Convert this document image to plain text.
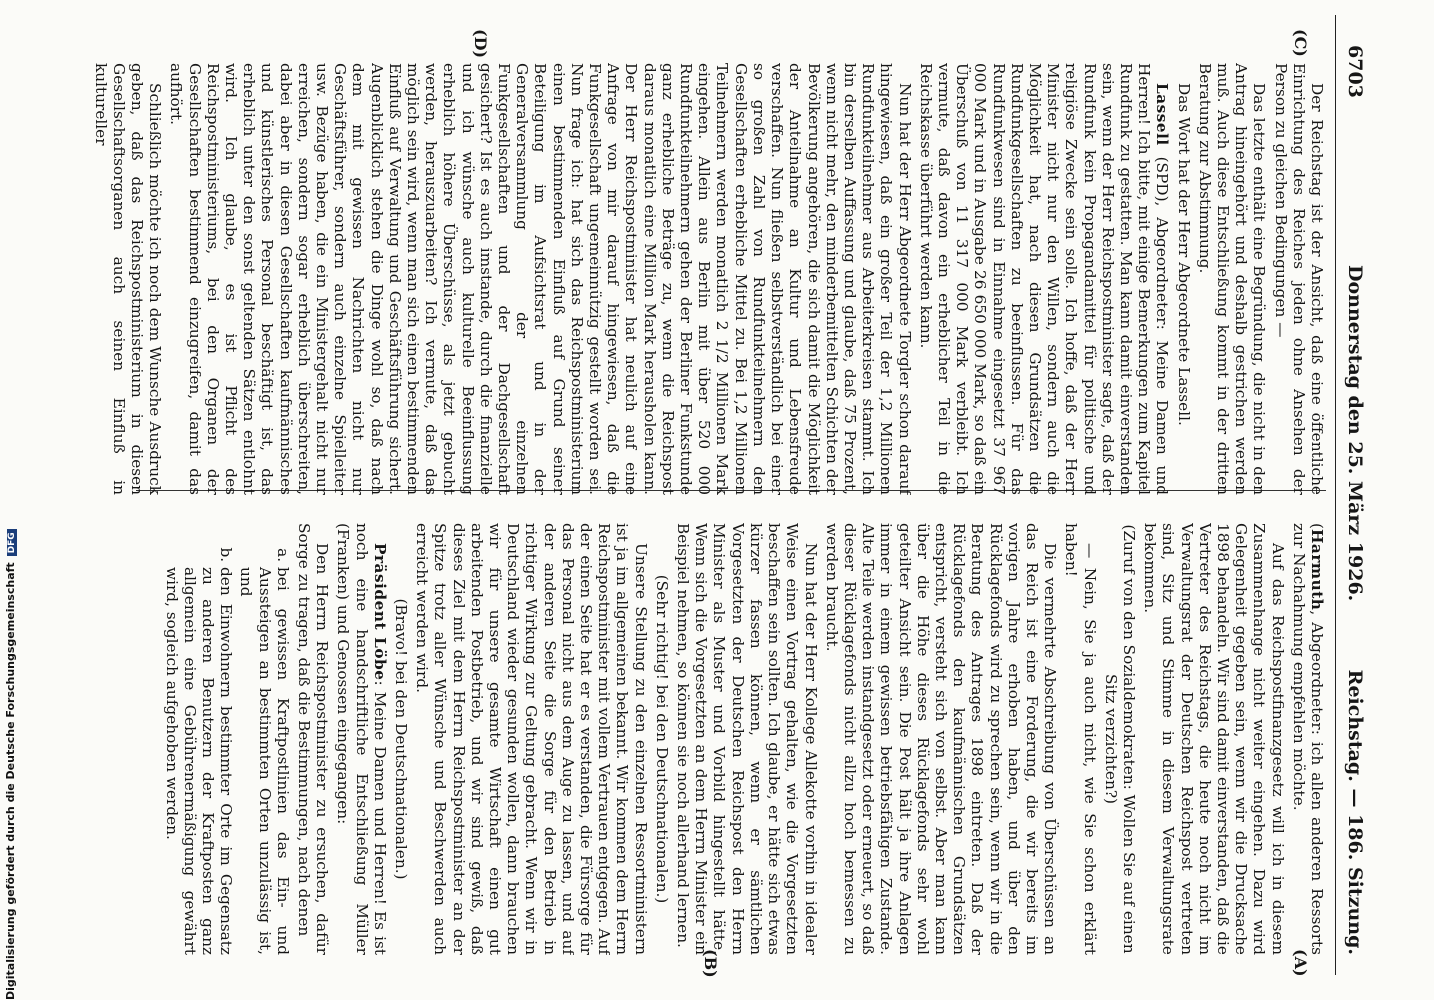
6703
Donnerstag den 25. März 1926.
Reichstag. — 186. Sitzung.
(C)
(D)
(A)
(B)

Der Reichstag ist der Ansicht, daß eine öffentliche Einrichtung des Reiches jeden ohne Ansehen der Person zu gleichen Bedingungen —

Das letzte enthält eine Begründung, die nicht in den Antrag hineingehört und deshalb gestrichen werden muß. Auch diese Entschließung kommt in der dritten Beratung zur Abstimmung.

Das Wort hat der Herr Abgeordnete Lassell.

Lassell (SPD), Abgeordneter: Meine Damen und Herren! Ich bitte, mit einige Bemerkungen zum Kapitel Rundfunk zu gestatten. Man kann damit einverstanden sein, wenn der Herr Reichspostminister sagte, daß der Rundfunk kein Propagandamittel für politische und religiöse Zwecke sein solle. Ich hoffe, daß der Herr Minister nicht nur den Willen, sondern auch die Möglichkeit hat, nach diesen Grundsätzen die Rundfunkgesellschaften zu beeinflussen. Für das Rundfunkwesen sind in Einnahme eingesetzt 37 967 000 Mark und in Ausgabe 26 650 000 Mark, so daß ein Überschuß von 11 317 000 Mark verbleibt. Ich vermute, daß davon ein erheblicher Teil in die Reichskasse überführt werden kann.

Nun hat der Herr Abgeordnete Torgler schon darauf hingewiesen, daß ein großer Teil der 1,2 Millionen Rundfunkteilnehmer aus Arbeiterkreisen stammt. Ich bin derselben Auffassung und glaube, daß 75 Prozent, wenn nicht mehr, den minderbemittelten Schichten der Bevölkerung angehören, die sich damit die Möglichkeit der Anteilnahme an Kultur und Lebensfreude verschaffen. Nun fließen selbstverständlich bei einer so großen Zahl von Rundfunkteilnehmern den Gesellschaften erhebliche Mittel zu. Bei 1,2 Millionen Teilnehmern werden monatlich 2 1/2 Millionen Mark eingehen. Allein aus Berlin mit über 520 000 Rundfunkteilnehmern gehen der Berliner Funkstunde ganz erhebliche Beträge zu, wenn die Reichspost daraus monatlich eine Million Mark herausholen kann. Der Herr Reichspostminister hat neulich auf eine Anfrage von mir darauf hingewiesen, daß die Funkgesellschaft ungemeinnützig gestellt worden sei. Nun frage ich: hat sich das Reichspostministerium einen bestimmenden Einfluß auf Grund seiner Beteiligung im Aufsichtsrat und in der Generalversammlung der einzelnen Funkgesellschaften und der Dachgesellschaft gesichert? Ist es auch imstande, durch die finanzielle und ich wünsche auch kulturelle Beeinflussung erheblich höhere Überschüsse, als jetzt gebucht werden, herauszuarbeiten? Ich vermute, daß das möglich sein wird, wenn man sich einen bestimmenden Einfluß auf Verwaltung und Geschäftsführung sichert. Augenblicklich stehen die Dinge wohl so, daß nach dem mit gewissen Nachrichten nicht nur Geschäftsführer, sondern auch einzelne Spielleiter usw. Bezüge haben, die ein Ministergehalt nicht nur erreichen, sondern sogar erheblich überschreiten, dabei aber in diesen Gesellschaften kaufmännisches und künstlerisches Personal beschäftigt ist, das erheblich unter den sonst geltenden Sätzen entlohnt wird. Ich glaube, es ist Pflicht des Reichspostministeriums, bei den Organen der Gesellschaften bestimmend einzugreifen, damit das aufhört.

Schließlich möchte ich noch dem Wunsche Ausdruck geben, daß das Reichspostministerium in diesen Gesellschaftsorganen auch seinen Einfluß in kultureller

(Harmuth, Abgeordneter: ich allen anderen Ressorts zur Nachahmung empfehlen möchte.

Auf das Reichspostfinanzgesetz will ich in diesem Zusammenhange nicht weiter eingehen. Dazu wird Gelegenheit gegeben sein, wenn wir die Drucksache 1898 behandeln. Wir sind damit einverstanden, daß die Vertreter des Reichstags, die heute noch nicht im Verwaltungsrat der Deutschen Reichspost vertreten sind, Sitz und Stimme in diesem Verwaltungsrate bekommen.

(Zuruf von den Sozialdemokraten: Wollen Sie auf einen Sitz verzichten?)

— Nein, Sie ja auch nicht, wie Sie schon erklärt haben!

Die vermehrte Abschreibung von Überschüssen an das Reich ist eine Forderung, die wir bereits im vorigen Jahre erhoben haben, und über den Rücklagefonds wird zu sprechen sein, wenn wir in die Beratung des Antrages 1898 eintreten. Daß der Rücklagefonds den kaufmännischen Grundsätzen entspricht, versteht sich von selbst. Aber man kann über die Höhe dieses Rücklagefonds sehr wohl geteilter Ansicht sein. Die Post hält ja ihre Anlagen immer in einem gewissen betriebsfähigen Zustande. Alte Teile werden instandgesetzt oder erneuert, so daß dieser Rücklagefonds nicht allzu hoch bemessen zu werden braucht.

Nun hat der Herr Kollege Allekotte vorhin in idealer Weise einen Vortrag gehalten, wie die Vorgesetzten beschaffen sein sollten. Ich glaube, er hätte sich etwas kürzer fassen können, wenn er sämtlichen Vorgesetzten der Deutschen Reichspost den Herrn Minister als Muster und Vorbild hingestellt hätte. Wenn sich die Vorgesetzten an dem Herrn Minister ein Beispiel nehmen, so können sie noch allerhand lernen.

(Sehr richtig! bei den Deutschnationalen.)

Unsere Stellung zu den einzelnen Ressortministern ist ja im allgemeinen bekannt. Wir kommen dem Herrn Reichspostminister mit vollem Vertrauen entgegen. Auf der einen Seite hat er es verstanden, die Fürsorge für das Personal nicht aus dem Auge zu lassen, und auf der anderen Seite die Sorge für den Betrieb in richtiger Wirkung zur Geltung gebracht. Wenn wir in Deutschland wieder gesunden wollen, dann brauchen wir für unsere gesamte Wirtschaft einen gut arbeitenden Postbetrieb, und wir sind gewiß, daß dieses Ziel mit dem Herrn Reichspostminister an der Spitze trotz aller Wünsche und Beschwerden auch erreicht werden wird.

(Bravo! bei den Deutschnationalen.)

Präsident Löbe: Meine Damen und Herren! Es ist noch eine handschriftliche Entschließung Müller (Franken) und Genossen eingegangen:

Den Herrn Reichspostminister zu ersuchen, dafür Sorge zu tragen, daß die Bestimmungen, nach denen

a. bei gewissen Kraftpostlinien das Ein- und Aussteigen an bestimmten Orten unzulässig ist, und
b. den Einwohnern bestimmter Orte im Gegensatz zu anderen Benutzern der Kraftposten ganz allgemein eine Gebührenermäßigung gewährt wird, sogleich aufgehoben werden.
Digitalisierung gefördert durch die Deutsche ForschungsgemeinschaftDFG
